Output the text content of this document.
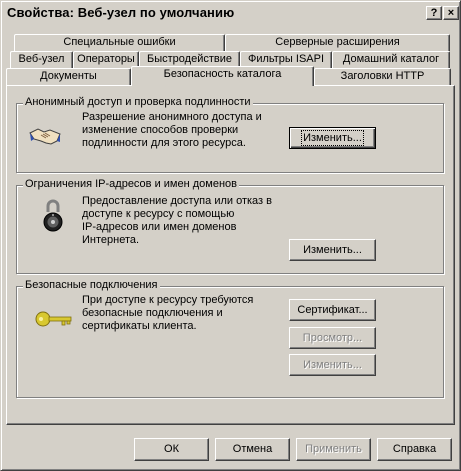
Свойства: Веб-узел по умолчанию	? ×
Специальные ошибки	Серверные расширения
Веб-узел	Операторы	Быстродействие	Фильтры ISAPI	Домашний каталог
Документы	Безопасность каталога	Заголовки HTTP
Анонимный доступ и проверка подлинности
Разрешение анонимного доступа и
изменение способов проверки
подлинности для этого ресурса.	Изменить...
Ограничения IP-адресов и имен доменов
Предоставление доступа или отказ в
доступе к ресурсу с помощью
IP-адресов или имен доменов
Интернета.
Изменить...
Безопасные подключения
При доступе к ресурсу требуются
безопасные подключения и
сертификаты клиента.
Сертификат...
Просмотр...
Изменить...
ОК	Отмена	Применить	Справка
